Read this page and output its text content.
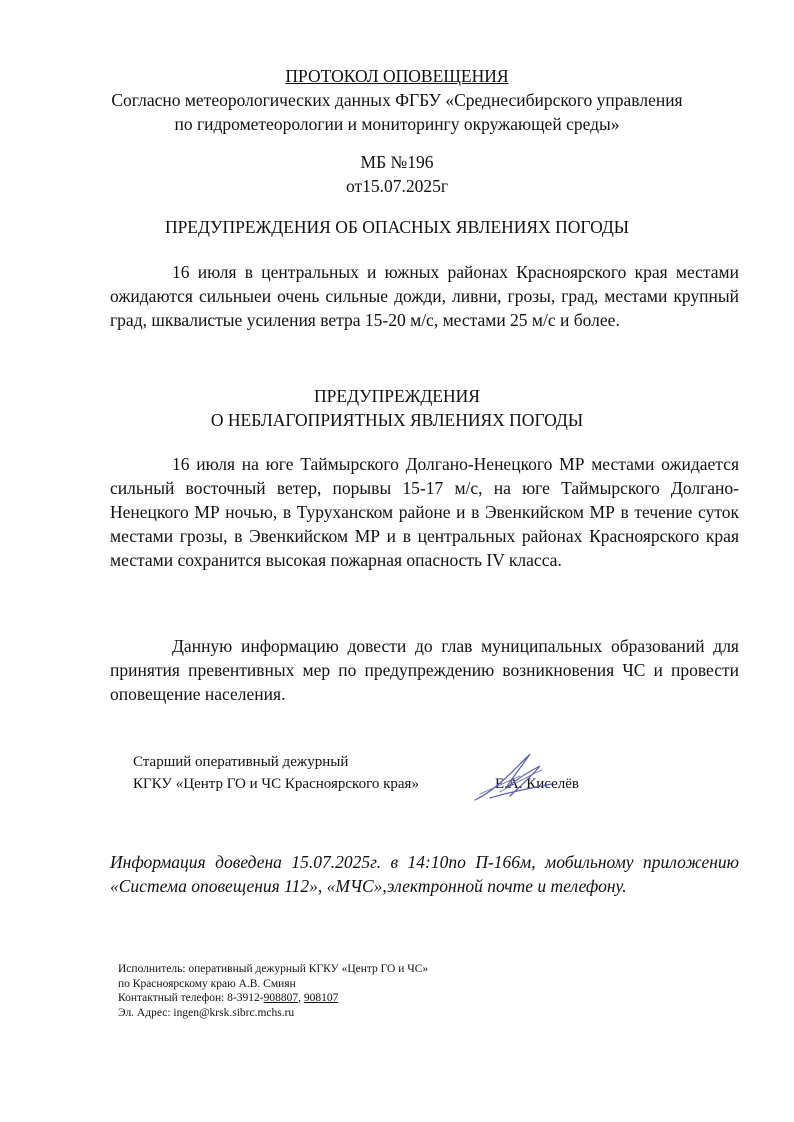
ПРОТОКОЛ ОПОВЕЩЕНИЯ
Согласно метеорологических данных ФГБУ «Среднесибирского управления
по гидрометеорологии и мониторингу окружающей среды»
МБ №196
от15.07.2025г
ПРЕДУПРЕЖДЕНИЯ ОБ ОПАСНЫХ ЯВЛЕНИЯХ ПОГОДЫ
16 июля в центральных и южных районах Красноярского края местами ожидаются сильныеи очень сильные дожди, ливни, грозы, град, местами крупный град, шквалистые усиления ветра 15-20 м/с, местами 25 м/с и более.
ПРЕДУПРЕЖДЕНИЯ
О НЕБЛАГОПРИЯТНЫХ ЯВЛЕНИЯХ ПОГОДЫ
16 июля на юге Таймырского Долгано-Ненецкого МР местами ожидается сильный восточный ветер, порывы 15-17 м/с, на юге Таймырского Долгано-Ненецкого МР ночью, в Туруханском районе и в Эвенкийском МР в течение суток местами грозы, в Эвенкийском МР и в центральных районах Красноярского края местами сохранится высокая пожарная опасность IV класса.
Данную информацию довести до глав муниципальных образований для принятия превентивных мер по предупреждению возникновения ЧС и провести оповещение населения.
Старший оперативный дежурный
КГКУ «Центр ГО и ЧС Красноярского края»	Е.А. Киселёв
Информация доведена 15.07.2025г. в 14:10по П-166м, мобильному приложению «Система оповещения 112», «МЧС»,электронной почте и телефону.
Исполнитель: оперативный дежурный КГКУ «Центр ГО и ЧС»
по Красноярскому краю А.В. Смиян
Контактный телефон: 8-3912-908807, 908107
Эл. Адрес: ingen@krsk.sibrc.mchs.ru
